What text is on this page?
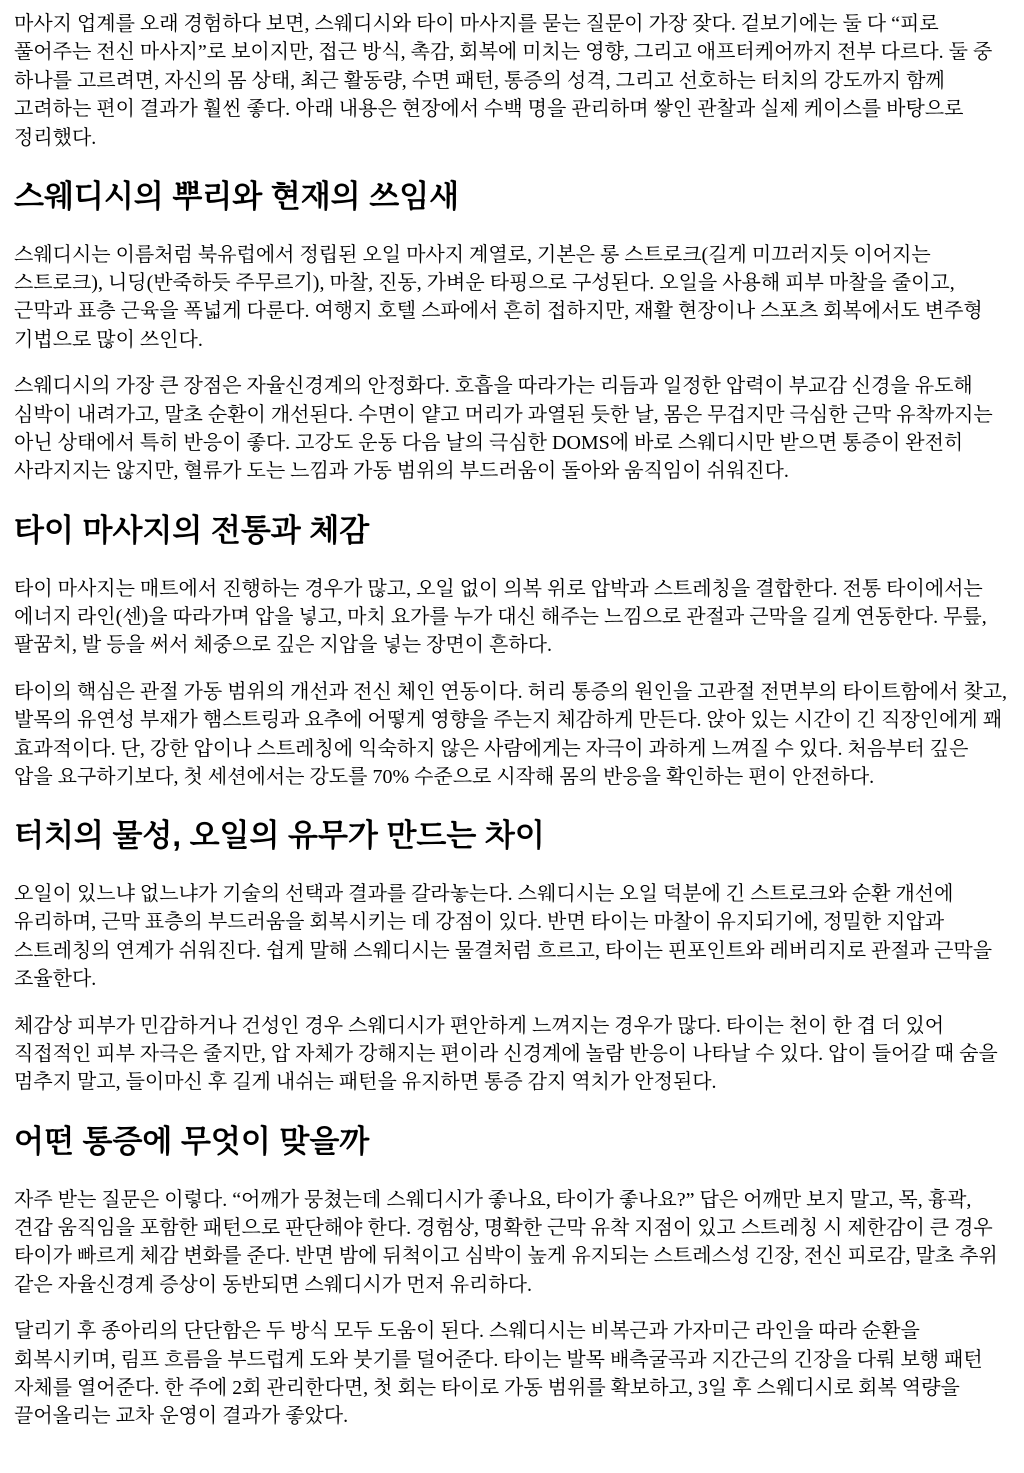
마사지 업계를 오래 경험하다 보면, 스웨디시와 타이 마사지를 묻는 질문이 가장 잦다. 겉보기에는 둘 다 “피로 풀어주는 전신 마사지”로 보이지만, 접근 방식, 촉감, 회복에 미치는 영향, 그리고 애프터케어까지 전부 다르다. 둘 중 하나를 고르려면, 자신의 몸 상태, 최근 활동량, 수면 패턴, 통증의 성격, 그리고 선호하는 터치의 강도까지 함께 고려하는 편이 결과가 훨씬 좋다. 아래 내용은 현장에서 수백 명을 관리하며 쌓인 관찰과 실제 케이스를 바탕으로 정리했다.

스웨디시의 뿌리와 현재의 쓰임새

스웨디시는 이름처럼 북유럽에서 정립된 오일 마사지 계열로, 기본은 롱 스트로크(길게 미끄러지듯 이어지는 스트로크), 니딩(반죽하듯 주무르기), 마찰, 진동, 가벼운 타핑으로 구성된다. 오일을 사용해 피부 마찰을 줄이고, 근막과 표층 근육을 폭넓게 다룬다. 여행지 호텔 스파에서 흔히 접하지만, 재활 현장이나 스포츠 회복에서도 변주형 기법으로 많이 쓰인다.

스웨디시의 가장 큰 장점은 자율신경계의 안정화다. 호흡을 따라가는 리듬과 일정한 압력이 부교감 신경을 유도해 심박이 내려가고, 말초 순환이 개선된다. 수면이 얕고 머리가 과열된 듯한 날, 몸은 무겁지만 극심한 근막 유착까지는 아닌 상태에서 특히 반응이 좋다. 고강도 운동 다음 날의 극심한 DOMS에 바로 스웨디시만 받으면 통증이 완전히 사라지지는 않지만, 혈류가 도는 느낌과 가동 범위의 부드러움이 돌아와 움직임이 쉬워진다.

타이 마사지의 전통과 체감

타이 마사지는 매트에서 진행하는 경우가 많고, 오일 없이 의복 위로 압박과 스트레칭을 결합한다. 전통 타이에서는 에너지 라인(센)을 따라가며 압을 넣고, 마치 요가를 누가 대신 해주는 느낌으로 관절과 근막을 길게 연동한다. 무릎, 팔꿈치, 발 등을 써서 체중으로 깊은 지압을 넣는 장면이 흔하다.

타이의 핵심은 관절 가동 범위의 개선과 전신 체인 연동이다. 허리 통증의 원인을 고관절 전면부의 타이트함에서 찾고, 발목의 유연성 부재가 햄스트링과 요추에 어떻게 영향을 주는지 체감하게 만든다. 앉아 있는 시간이 긴 직장인에게 꽤 효과적이다. 단, 강한 압이나 스트레칭에 익숙하지 않은 사람에게는 자극이 과하게 느껴질 수 있다. 처음부터 깊은 압을 요구하기보다, 첫 세션에서는 강도를 70% 수준으로 시작해 몸의 반응을 확인하는 편이 안전하다.

터치의 물성, 오일의 유무가 만드는 차이

오일이 있느냐 없느냐가 기술의 선택과 결과를 갈라놓는다. 스웨디시는 오일 덕분에 긴 스트로크와 순환 개선에 유리하며, 근막 표층의 부드러움을 회복시키는 데 강점이 있다. 반면 타이는 마찰이 유지되기에, 정밀한 지압과 스트레칭의 연계가 쉬워진다. 쉽게 말해 스웨디시는 물결처럼 흐르고, 타이는 핀포인트와 레버리지로 관절과 근막을 조율한다.

체감상 피부가 민감하거나 건성인 경우 스웨디시가 편안하게 느껴지는 경우가 많다. 타이는 천이 한 겹 더 있어 직접적인 피부 자극은 줄지만, 압 자체가 강해지는 편이라 신경계에 놀람 반응이 나타날 수 있다. 압이 들어갈 때 숨을 멈추지 말고, 들이마신 후 길게 내쉬는 패턴을 유지하면 통증 감지 역치가 안정된다.

어떤 통증에 무엇이 맞을까

자주 받는 질문은 이렇다. “어깨가 뭉쳤는데 스웨디시가 좋나요, 타이가 좋나요?” 답은 어깨만 보지 말고, 목, 흉곽, 견갑 움직임을 포함한 패턴으로 판단해야 한다. 경험상, 명확한 근막 유착 지점이 있고 스트레칭 시 제한감이 큰 경우 타이가 빠르게 체감 변화를 준다. 반면 밤에 뒤척이고 심박이 높게 유지되는 스트레스성 긴장, 전신 피로감, 말초 추위 같은 자율신경계 증상이 동반되면 스웨디시가 먼저 유리하다.

달리기 후 종아리의 단단함은 두 방식 모두 도움이 된다. 스웨디시는 비복근과 가자미근 라인을 따라 순환을 회복시키며, 림프 흐름을 부드럽게 도와 붓기를 덜어준다. 타이는 발목 배측굴곡과 지간근의 긴장을 다뤄 보행 패턴 자체를 열어준다. 한 주에 2회 관리한다면, 첫 회는 타이로 가동 범위를 확보하고, 3일 후 스웨디시로 회복 역량을 끌어올리는 교차 운영이 결과가 좋았다.
